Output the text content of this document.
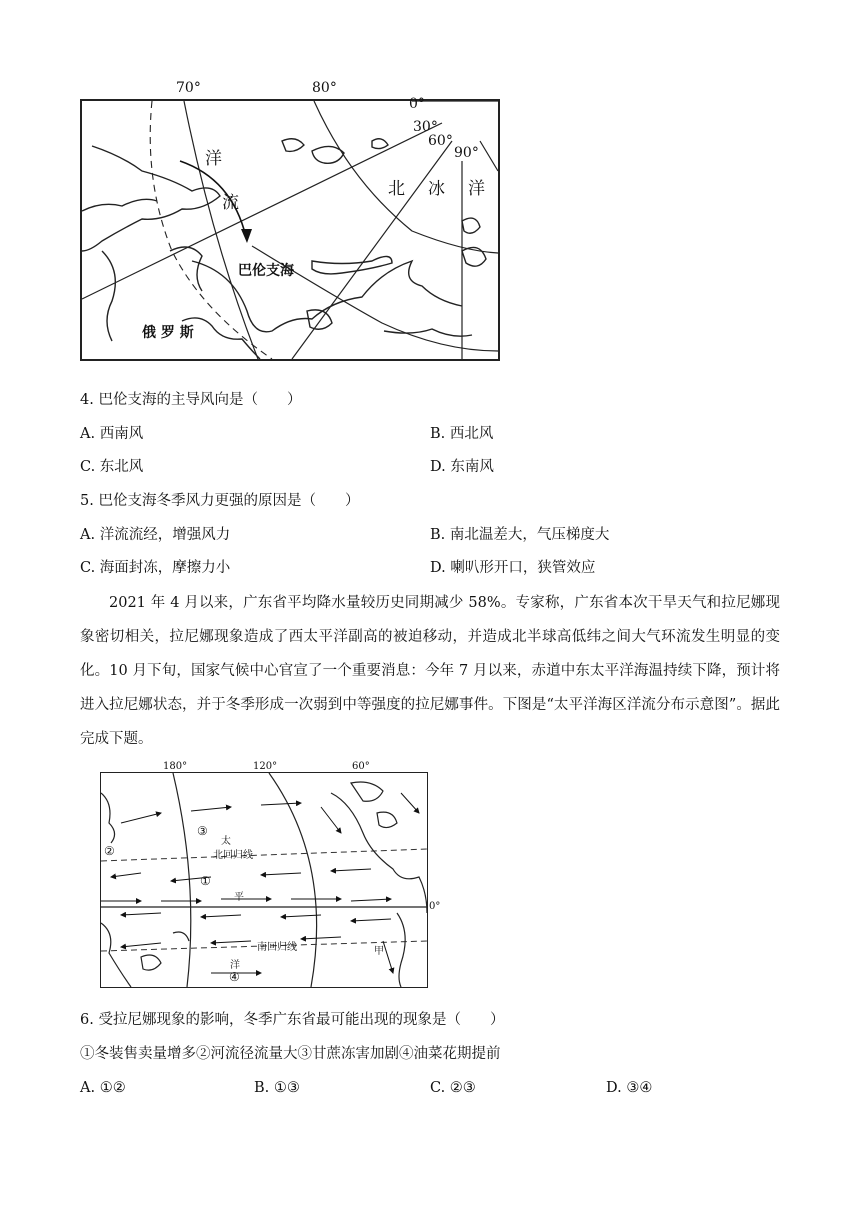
70°	80°
0°
30°
60°
90°
洋
流
北 冰 洋
巴伦支海
俄 罗 斯
4. 巴伦支海的主导风向是（　　）
A. 西南风	B. 西北风
C. 东北风	D. 东南风
5. 巴伦支海冬季风力更强的原因是（　　）
A. 洋流流经，增强风力	B. 南北温差大，气压梯度大
C. 海面封冻，摩擦力小	D. 喇叭形开口，狭管效应
2021 年 4 月以来，广东省平均降水量较历史同期减少 58%。专家称，广东省本次干旱天气和拉尼娜现象密切相关，拉尼娜现象造成了西太平洋副高的被迫移动，并造成北半球高低纬之间大气环流发生明显的变化。10 月下旬，国家气候中心官宣了一个重要消息：今年 7 月以来，赤道中东太平洋海温持续下降，预计将进入拉尼娜状态，并于冬季形成一次弱到中等强度的拉尼娜事件。下图是“太平洋海区洋流分布示意图”。据此完成下题。
180°	120°	60°
0°
③
②
①
④
太
北回归线
平
南回归线
洋
甲
6. 受拉尼娜现象的影响，冬季广东省最可能出现的现象是（　　）
①冬装售卖量增多②河流径流量大③甘蔗冻害加剧④油菜花期提前
A. ①②	B. ①③	C. ②③	D. ③④
